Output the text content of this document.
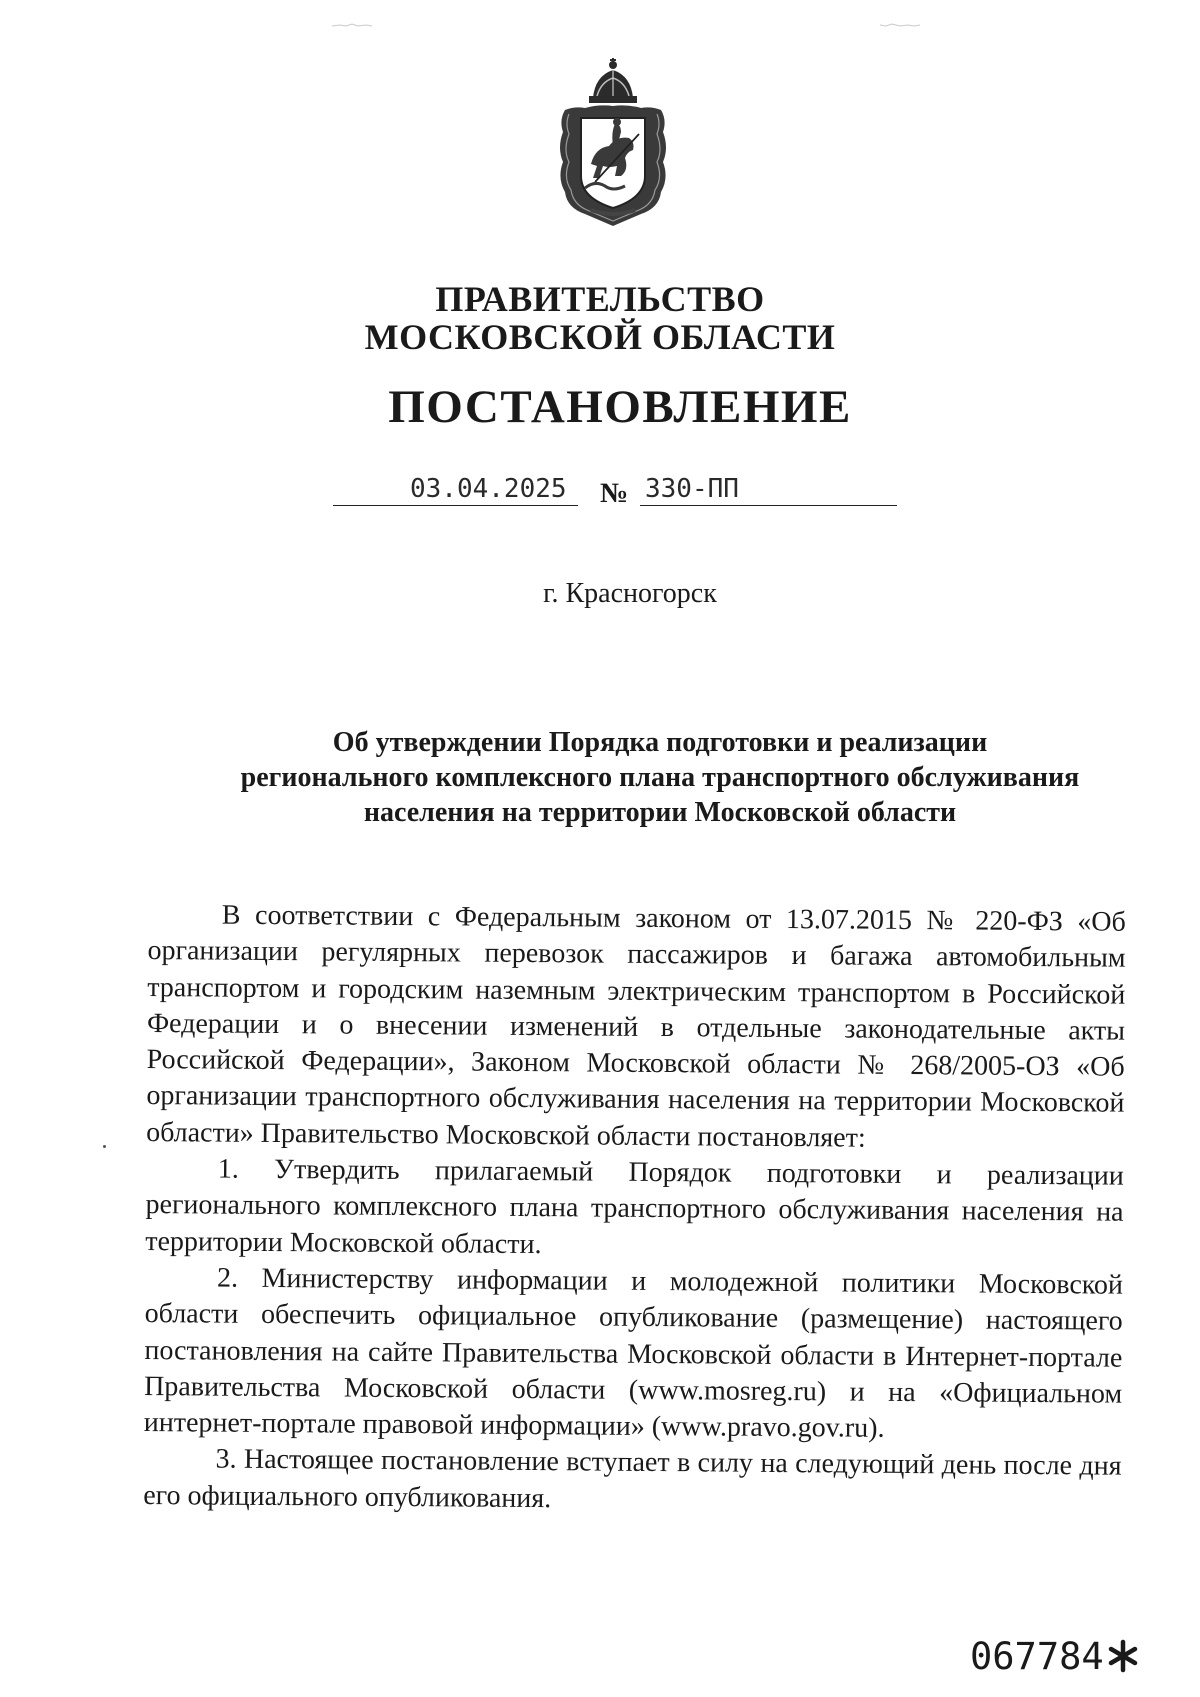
ПРАВИТЕЛЬСТВО
МОСКОВСКОЙ ОБЛАСТИ
ПОСТАНОВЛЕНИЕ
03.04.2025 № 330-ПП
г. Красногорск
Об утверждении Порядка подготовки и реализации
регионального комплексного плана транспортного обслуживания
населения на территории Московской области

В соответствии с Федеральным законом от 13.07.2015 № 220-ФЗ «Об организации регулярных перевозок пассажиров и багажа автомобильным транспортом и городским наземным электрическим транспортом в Российской Федерации и о внесении изменений в отдельные законодательные акты Российской Федерации», Законом Московской области № 268/2005-ОЗ «Об организации транспортного обслуживания населения на территории Московской области» Правительство Московской области постановляет:

1. Утвердить прилагаемый Порядок подготовки и реализации регионального комплексного плана транспортного обслуживания населения на территории Московской области.

2. Министерству информации и молодежной политики Московской области обеспечить официальное опубликование (размещение) настоящего постановления на сайте Правительства Московской области в Интернет-портале Правительства Московской области (www.mosreg.ru) и на «Официальном интернет-портале правовой информации» (www.pravo.gov.ru).

3. Настоящее постановление вступает в силу на следующий день после дня его официального опубликования.

067784
